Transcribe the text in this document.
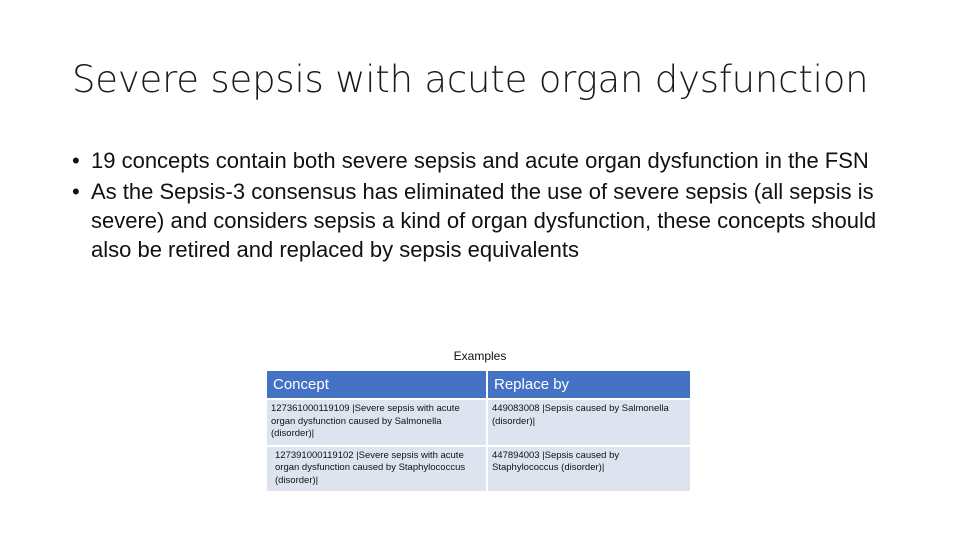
Severe sepsis with acute organ dysfunction
• 19 concepts contain both severe sepsis and acute organ dysfunction in the FSN
• As the Sepsis-3 consensus has eliminated the use of severe sepsis (all sepsis is severe) and considers sepsis a kind of organ dysfunction, these concepts should also be retired and replaced by sepsis equivalents
Examples
Concept	Replace by
127361000119109 |Severe sepsis with acute organ dysfunction caused by Salmonella (disorder)|	449083008 |Sepsis caused by Salmonella (disorder)|
127391000119102 |Severe sepsis with acute organ dysfunction caused by Staphylococcus (disorder)|	447894003 |Sepsis caused by Staphylococcus (disorder)|
